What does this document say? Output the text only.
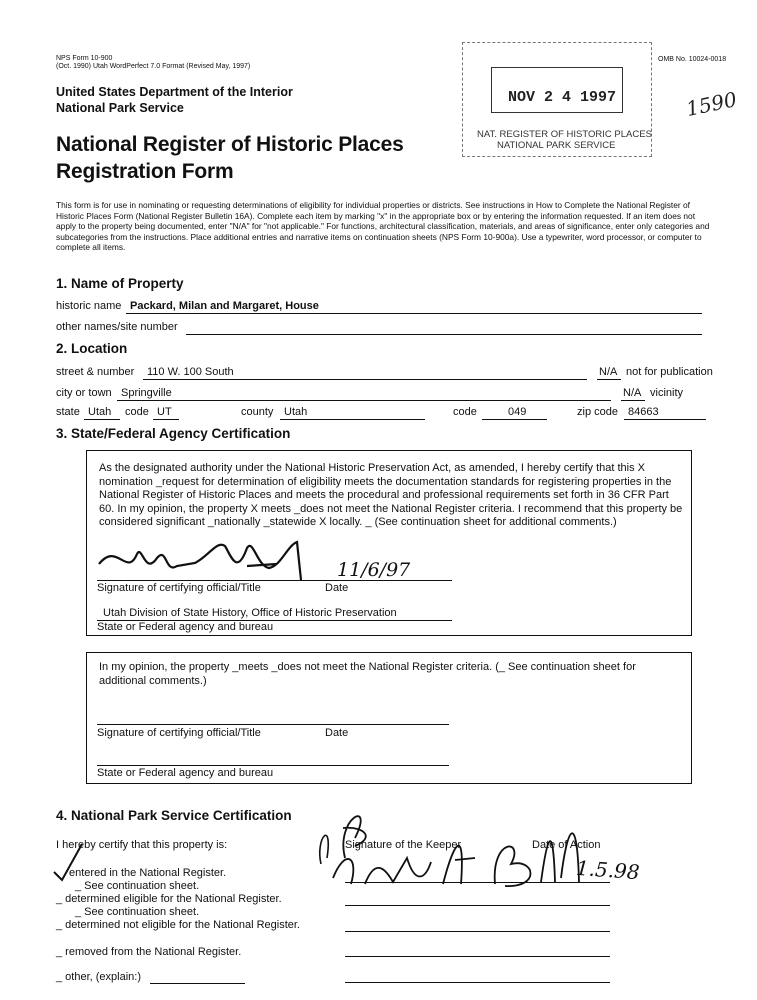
NPS Form 10-900
(Oct. 1990) Utah WordPerfect 7.0 Format (Revised May, 1997)
OMB No. 10024-0018
United States Department of the Interior
National Park Service
National Register of Historic Places
Registration Form
NOV 2 4 1997
NAT. REGISTER OF HISTORIC PLACES
NATIONAL PARK SERVICE
1590
This form is for use in nominating or requesting determinations of eligibility for individual properties or districts. See instructions in How to Complete the National Register of Historic Places Form (National Register Bulletin 16A). Complete each item by marking "x" in the appropriate box or by entering the information requested. If an item does not apply to the property being documented, enter "N/A" for "not applicable." For functions, architectural classification, materials, and areas of significance, enter only categories and subcategories from the instructions. Place additional entries and narrative items on continuation sheets (NPS Form 10-900a). Use a typewriter, word processor, or computer to complete all items.
1. Name of Property
historic name Packard, Milan and Margaret, House
other names/site number
2. Location
street & number	110 W. 100 South	N/A not for publication
city or town Springville	N/A vicinity
state Utah	code UT	county Utah	code	049	zip code 84663
3. State/Federal Agency Certification
As the designated authority under the National Historic Preservation Act, as amended, I hereby certify that this X nomination _request for determination of eligibility meets the documentation standards for registering properties in the National Register of Historic Places and meets the procedural and professional requirements set forth in 36 CFR Part 60. In my opinion, the property X meets _does not meet the National Register criteria. I recommend that this property be considered significant _nationally _statewide X locally. _ (See continuation sheet for additional comments.)
Signature of certifying official/Title	Date
11/6/97
Utah Division of State History, Office of Historic Preservation
State or Federal agency and bureau
In my opinion, the property _meets _does not meet the National Register criteria. (_ See continuation sheet for additional comments.)
Signature of certifying official/Title	Date
State or Federal agency and bureau
4. National Park Service Certification
I hereby certify that this property is:	Signature of the Keeper	Date of Action
1.5.98
entered in the National Register.
_ See continuation sheet.
_ determined eligible for the National Register.
_ See continuation sheet.
_ determined not eligible for the National Register.
_ removed from the National Register.
_ other, (explain:)
